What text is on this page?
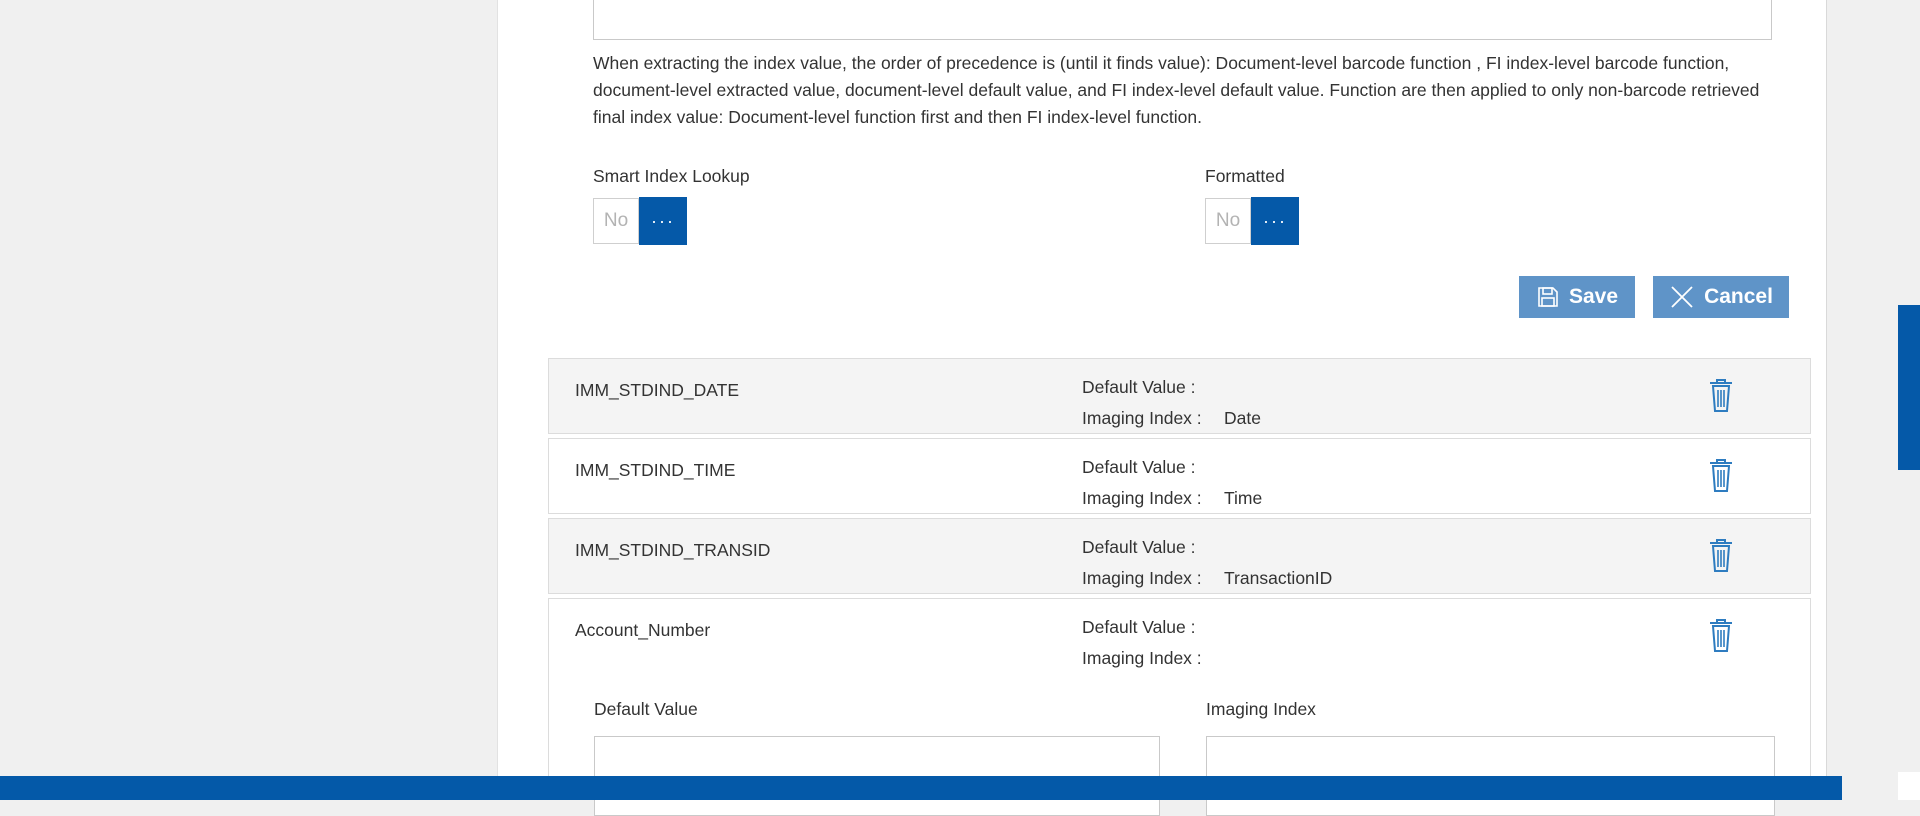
When extracting the index value, the order of precedence is (until it finds value): Document-level barcode function , FI index-level barcode function, document-level extracted value, document-level default value, and FI index-level default value. Function are then applied to only non-barcode retrieved final index value: Document-level function first and then FI index-level function.
Smart Index Lookup
No	···
Formatted
No	···
Save	Cancel
IMM_STDIND_DATE	Default Value :
Imaging Index : Date
IMM_STDIND_TIME	Default Value :
Imaging Index : Time
IMM_STDIND_TRANSID	Default Value :
Imaging Index : TransactionID
Account_Number	Default Value :
Imaging Index :
Default Value	Imaging Index
